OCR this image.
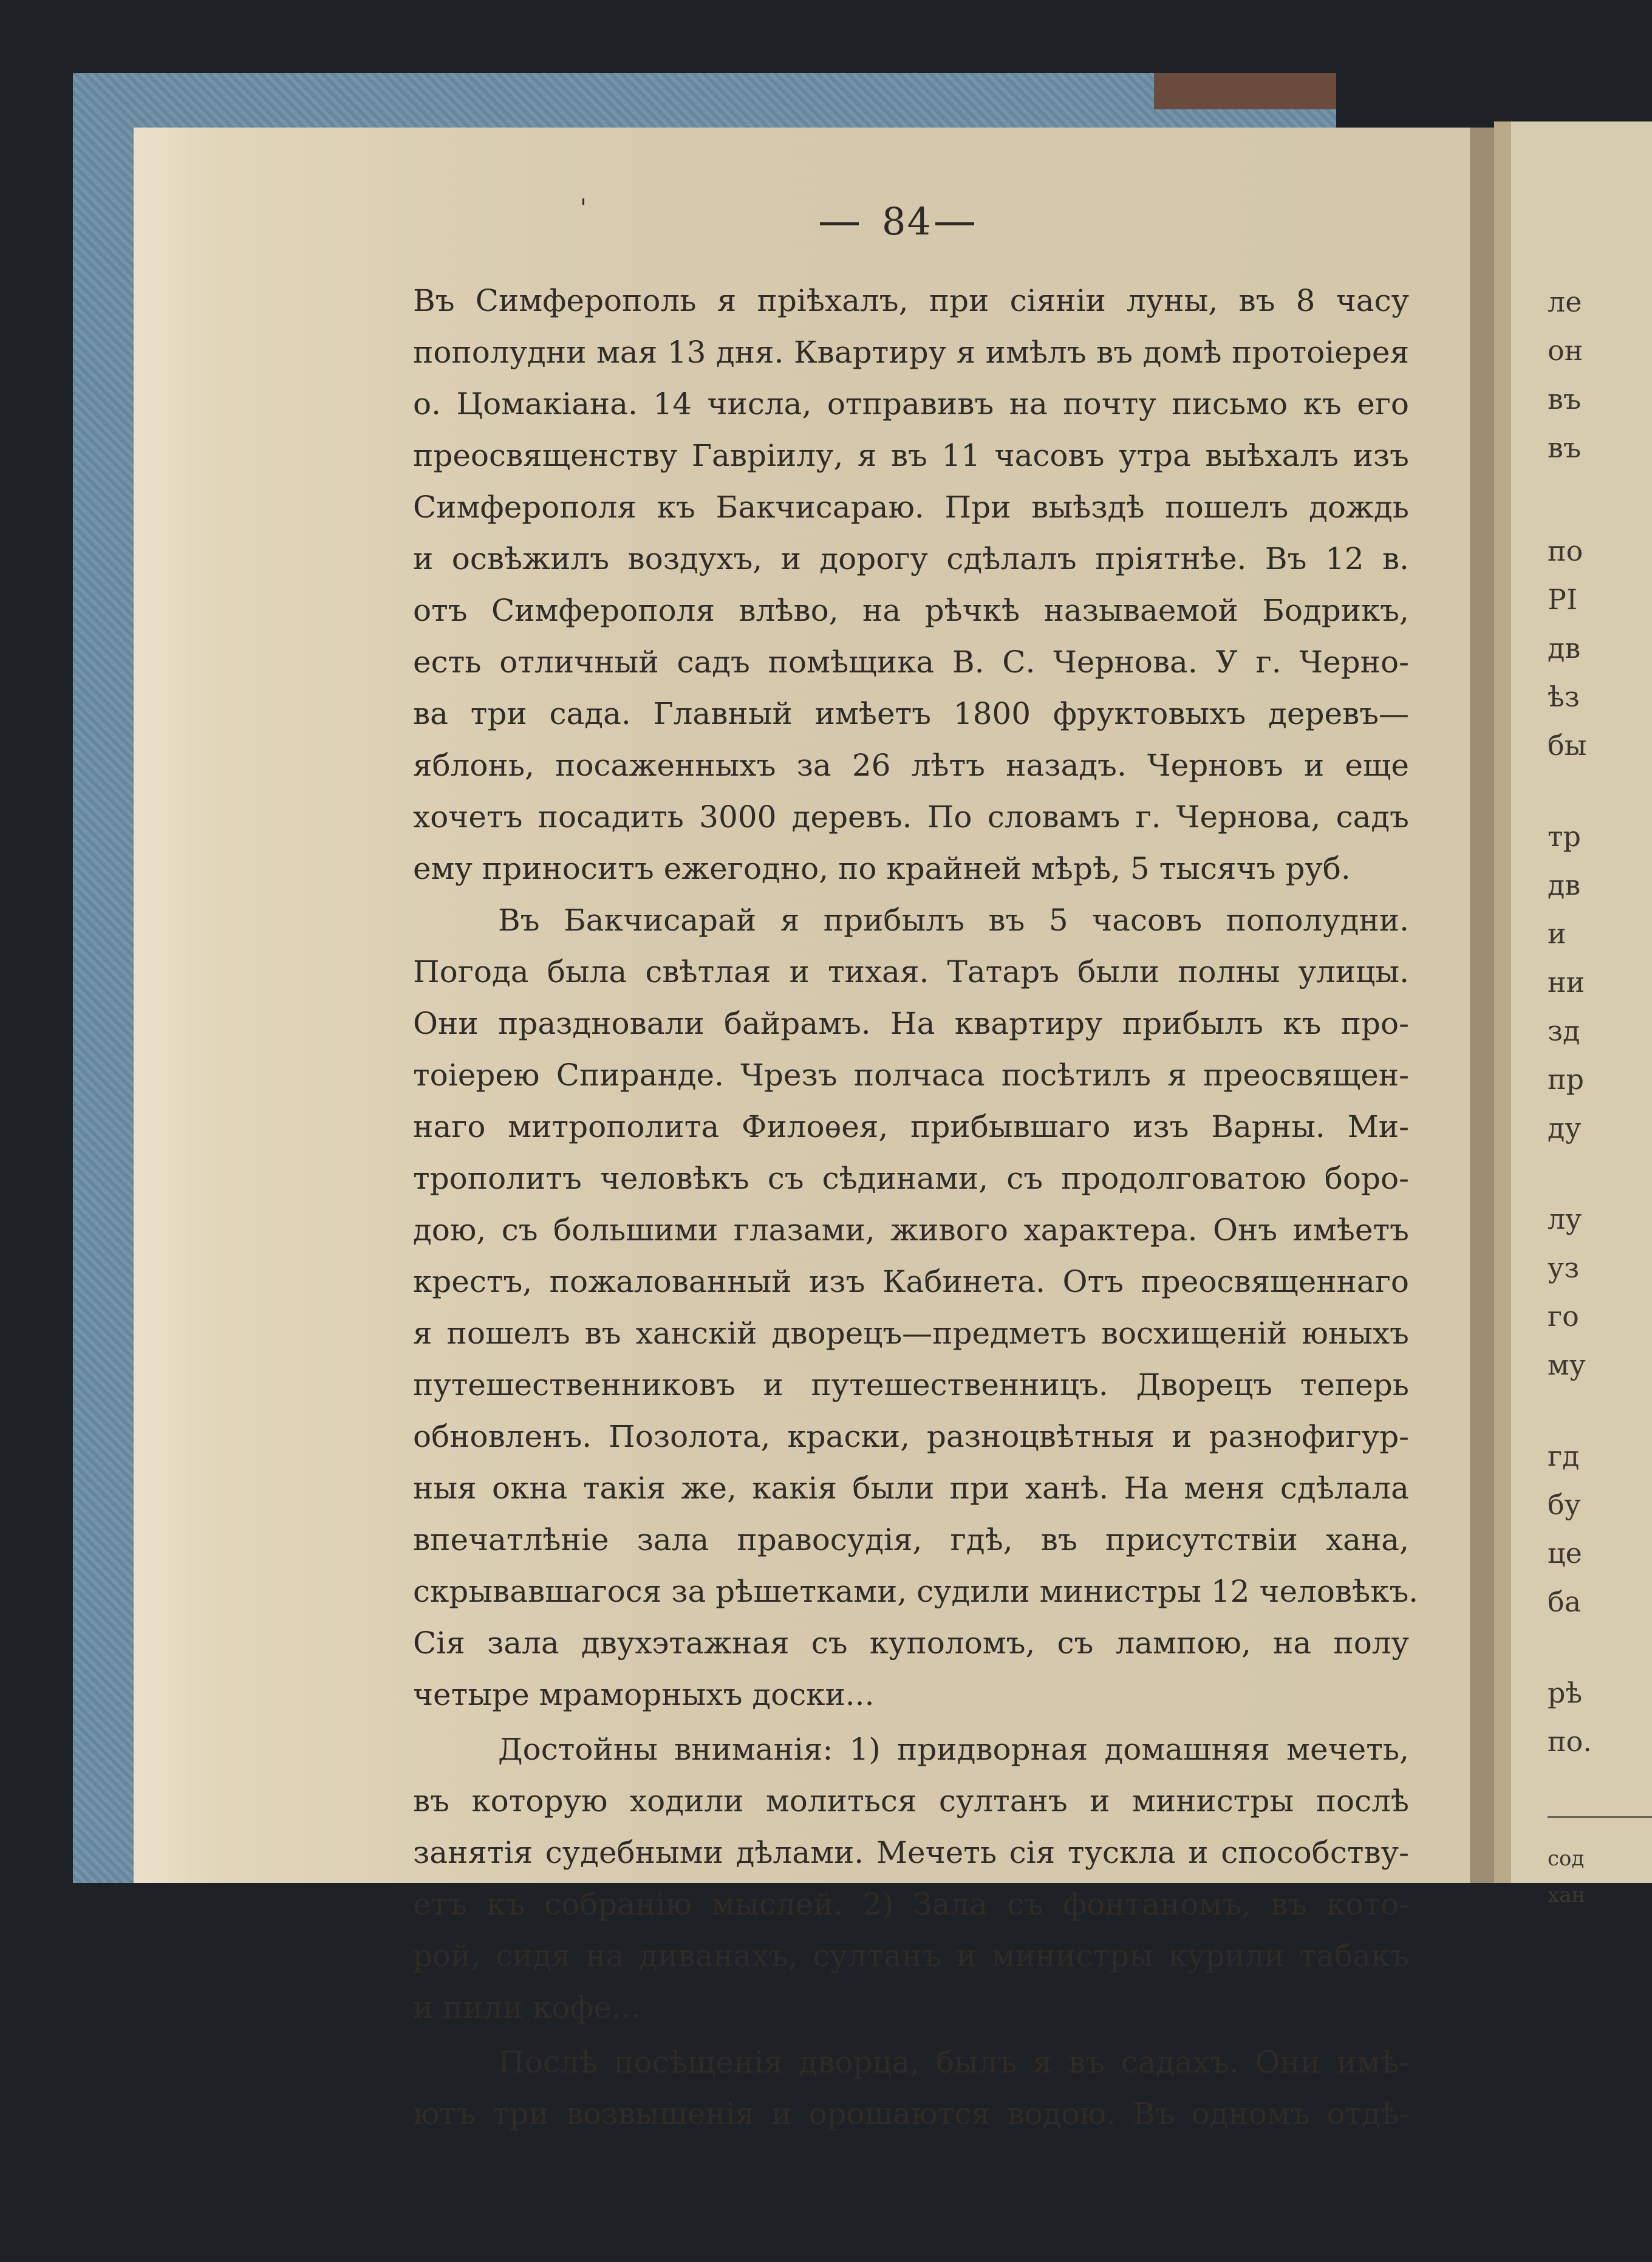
ле
он
въ
въ
по
РІ
дв
ѣз
бы
тр
дв
и
ни
зд
пр
ду
лу
уз
го
му
гд
бу
це
ба
рѣ
по.
сод
хан
84
'
Въ Симферополь я пріѣхалъ, при сіяніи луны, въ 8 часу
пополудни мая 13 дня. Квартиру я имѣлъ въ домѣ протоіерея
о. Цомакіана. 14 числа, отправивъ на почту письмо къ его
преосвященству Гавріилу, я въ 11 часовъ утра выѣхалъ изъ
Симферополя къ Бакчисараю. При выѣздѣ пошелъ дождь
и освѣжилъ воздухъ, и дорогу сдѣлалъ пріятнѣе. Въ 12 в.
отъ Симферополя влѣво, на рѣчкѣ называемой Бодрикъ,
есть отличный садъ помѣщика В. С. Чернова. У г. Черно-
ва три сада. Главный имѣетъ 1800 фруктовыхъ деревъ—
яблонь, посаженныхъ за 26 лѣтъ назадъ. Черновъ и еще
хочетъ посадить 3000 деревъ. По словамъ г. Чернова, садъ
ему приноситъ ежегодно, по крайней мѣрѣ, 5 тысячъ руб.
Въ Бакчисарай я прибылъ въ 5 часовъ пополудни.
Погода была свѣтлая и тихая. Татаръ были полны улицы.
Они праздновали байрамъ. На квартиру прибылъ къ про-
тоіерею Спиранде. Чрезъ полчаса посѣтилъ я преосвящен-
наго митрополита Филоѳея, прибывшаго изъ Варны. Ми-
трополитъ человѣкъ съ сѣдинами, съ продолговатою боро-
дою, съ большими глазами, живого характера. Онъ имѣетъ
крестъ, пожалованный изъ Кабинета. Отъ преосвященнаго
я пошелъ въ ханскій дворецъ—предметъ восхищеній юныхъ
путешественниковъ и путешественницъ. Дворецъ теперь
обновленъ. Позолота, краски, разноцвѣтныя и разнофигур-
ныя окна такія же, какія были при ханѣ. На меня сдѣлала
впечатлѣніе зала правосудія, гдѣ, въ присутствіи хана,
скрывавшагося за рѣшетками, судили министры 12 человѣкъ.
Сія зала двухэтажная съ куполомъ, съ лампою, на полу
четыре мраморныхъ доски...
Достойны вниманія: 1) придворная домашняя мечеть,
въ которую ходили молиться султанъ и министры послѣ
занятія судебными дѣлами. Мечеть сія тускла и способству-
етъ къ собранію мыслей. 2) Зала съ фонтаномъ, въ кото-
рой, сидя на диванахъ, султанъ и министры курили табакъ
и пили кофе...
Послѣ посѣщенія дворца, былъ я въ садахъ. Они имѣ-
ютъ три возвышенія и орошаются водою. Въ одномъ отдѣ-
